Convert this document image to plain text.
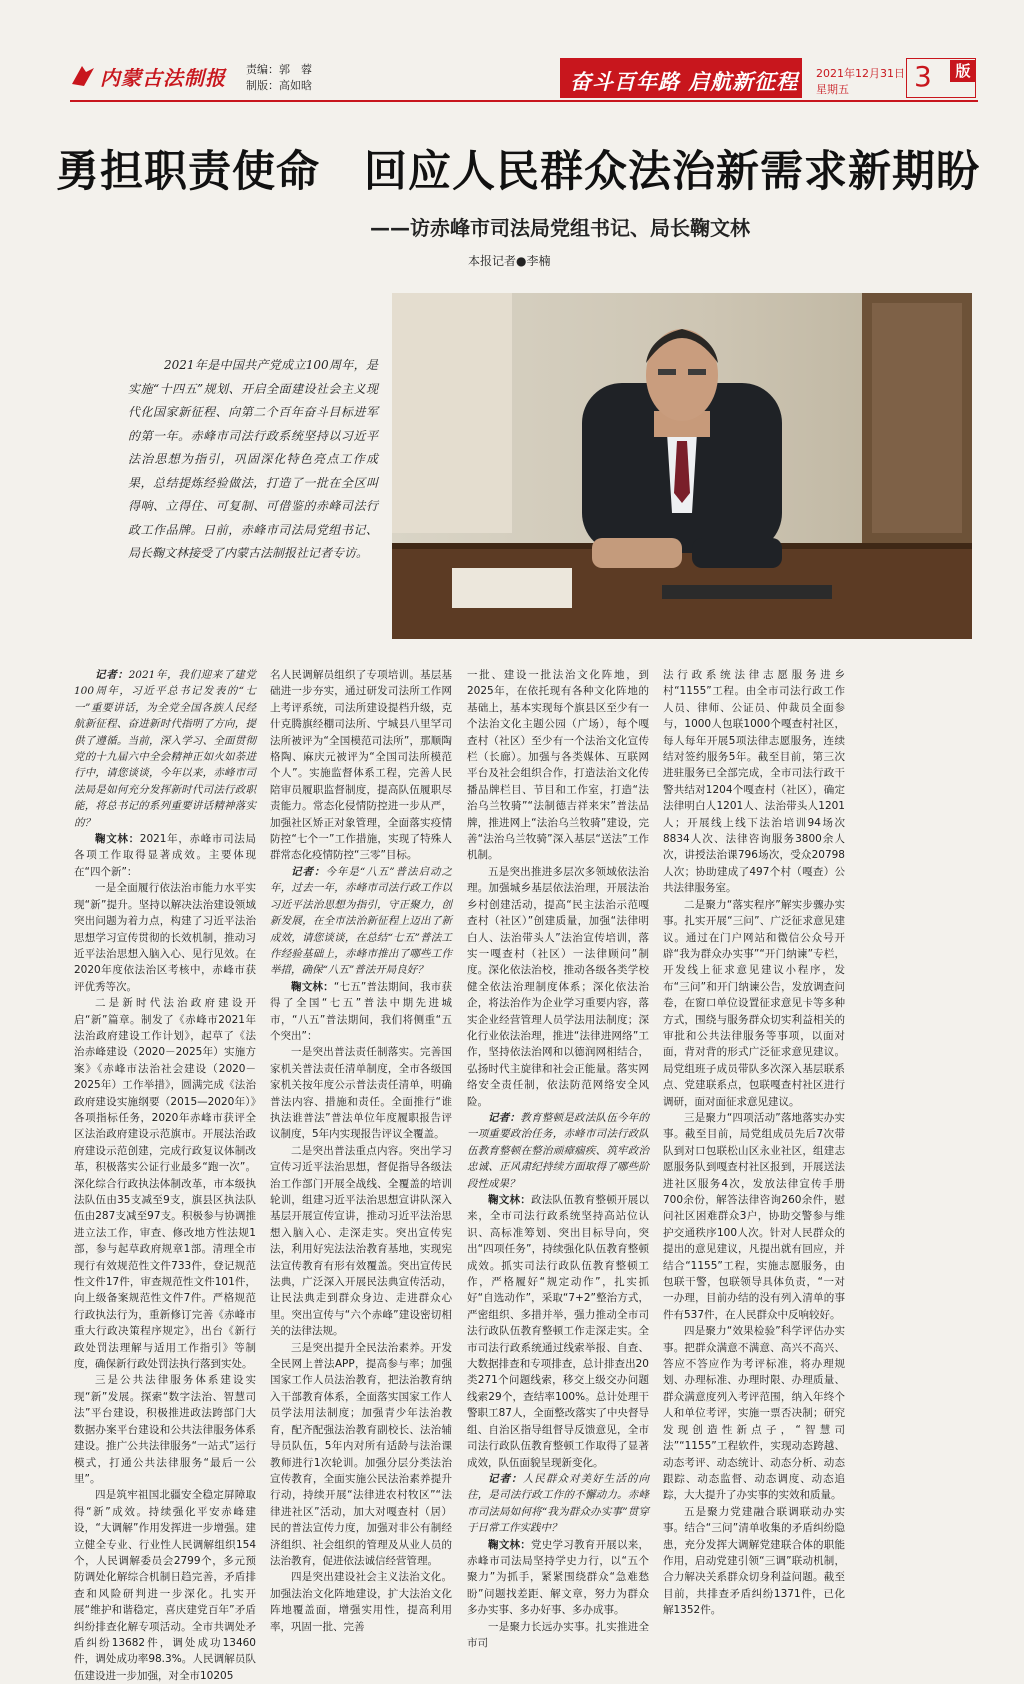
内蒙古法制报 责编：郭　蓉
制版：高如晗	奋斗百年路 启航新征程 2021年12月31日
星期五	3	版
勇担职责使命　回应人民群众法治新需求新期盼
——访赤峰市司法局党组书记、局长鞠文林
本报记者●李楠
2021年是中国共产党成立100周年，是实施“十四五”规划、开启全面建设社会主义现代化国家新征程、向第二个百年奋斗目标进军的第一年。赤峰市司法行政系统坚持以习近平法治思想为指引，巩固深化特色亮点工作成果，总结提炼经验做法，打造了一批在全区叫得响、立得住、可复制、可借鉴的赤峰司法行政工作品牌。日前，赤峰市司法局党组书记、局长鞠文林接受了内蒙古法制报社记者专访。

记者：2021年，我们迎来了建党100周年，习近平总书记发表的“七一”重要讲话，为全党全国各族人民经航新征程、奋进新时代指明了方向，提供了遵循。当前，深入学习、全面贯彻党的十九届六中全会精神正如火如荼进行中，请您谈谈，今年以来，赤峰市司法局是如何充分发挥新时代司法行政职能，将总书记的系列重要讲话精神落实的？

鞠文林：2021年，赤峰市司法局各项工作取得显著成效。主要体现在“四个新”：

一是全面履行依法治市能力水平实现“新”提升。坚持以解决法治建设领域突出问题为着力点，构建了习近平法治思想学习宣传贯彻的长效机制，推动习近平法治思想入脑入心、见行见效。在2020年度依法治区考核中，赤峰市获评优秀等次。

二是新时代法治政府建设开启“新”篇章。制发了《赤峰市2021年法治政府建设工作计划》，起草了《法治赤峰建设（2020－2025年）实施方案》《赤峰市法治社会建设（2020－2025年）工作举措》，圆满完成《法治政府建设实施纲要（2015—2020年）》各项指标任务，2020年赤峰市获评全区法治政府建设示范旗市。开展法治政府建设示范创建，完成行政复议体制改革，积极落实公证行业最多“跑一次”。深化综合行政执法体制改革，市本级执法队伍由35支减至9支，旗县区执法队伍由287支减至97支。积极参与协调推进立法工作，审查、修改地方性法规1部，参与起草政府规章1部。清理全市现行有效规范性文件733件，登记规范性文件17件，审查规范性文件101件，向上级备案规范性文件7件。严格规范行政执法行为，重新修订完善《赤峰市重大行政决策程序规定》，出台《新行政处罚法理解与适用工作指引》等制度，确保新行政处罚法执行落到实处。

三是公共法律服务体系建设实现“新”发展。探索“数字法治、智慧司法”平台建设，积极推进政法跨部门大数据办案平台建设和公共法律服务体系建设。推广公共法律服务“一站式”运行模式，打通公共法律服务“最后一公里”。

四是筑牢祖国北疆安全稳定屏障取得“新”成效。持续强化平安赤峰建设，“大调解”作用发挥进一步增强。建立健全专业、行业性人民调解组织154个，人民调解委员会2799个，多元预防调处化解综合机制日趋完善，矛盾排查和风险研判进一步深化。扎实开展“维护和谐稳定，喜庆建党百年”矛盾纠纷排查化解专项活动。全市共调处矛盾纠纷13682件，调处成功13460件，调处成功率98.3%。人民调解员队伍建设进一步加强，对全市10205

名人民调解员组织了专项培训。基层基础进一步夯实，通过研发司法所工作网上考评系统，司法所建设提档升级，克什克腾旗经棚司法所、宁城县八里罕司法所被评为“全国模范司法所”，那顺陶格陶、麻庆元被评为“全国司法所模范个人”。实施监督体系工程，完善人民陪审员履职监督制度，提高队伍履职尽责能力。常态化侵情防控进一步从严，加强社区矫正对象管理，全面落实疫情防控“七个一”工作措施，实现了特殊人群常态化疫情防控“三零”目标。

记者：今年是“八五”普法启动之年，过去一年，赤峰市司法行政工作以习近平法治思想为指引，守正聚力，创新发展，在全市法治新征程上迈出了新成效，请您谈谈，在总结“七五”普法工作经验基础上，赤峰市推出了哪些工作举措，确保“八五”普法开局良好？

鞠文林：“七五”普法期间，我市获得了全国“七五”普法中期先进城市，“八五”普法期间，我们将侧重“五个突出”：

一是突出普法责任制落实。完善国家机关普法责任清单制度，全市各级国家机关按年度公示普法责任清单，明确普法内容、措施和责任。全面推行“谁执法谁普法”普法单位年度履职报告评议制度，5年内实现报告评议全覆盖。

二是突出普法重点内容。突出学习宣传习近平法治思想，督促指导各级法治工作部门开展全战线、全覆盖的培训轮训，组建习近平法治思想宣讲队深入基层开展宣传宣讲，推动习近平法治思想入脑入心、走深走实。突出宣传宪法，利用好宪法法治教育基地，实现宪法宣传教育有形有效覆盖。突出宣传民法典，广泛深入开展民法典宣传活动，让民法典走到群众身边、走进群众心里。突出宣传与“六个赤峰”建设密切相关的法律法规。

三是突出提升全民法治素养。开发全民网上普法APP，提高参与率；加强国家工作人员法治教育，把法治教育纳入干部教育体系，全面落实国家工作人员学法用法制度；加强青少年法治教育，配齐配强法治教育副校长、法治辅导员队伍，5年内对所有适龄与法治课教师进行1次轮训。加强分层分类法治宣传教育，全面实施公民法治素养提升行动，持续开展“法律进农村牧区”“法律进社区”活动，加大对嘎查村（居）民的普法宣传力度，加强对非公有制经济组织、社会组织的管理及从业人员的法治教育，促进依法诚信经营管理。

四是突出建设社会主义法治文化。加强法治文化阵地建设，扩大法治文化阵地覆盖面，增强实用性，提高利用率，巩固一批、完善

一批、建设一批法治文化阵地，到2025年，在依托现有各种文化阵地的基础上，基本实现每个旗县区至少有一个法治文化主题公园（广场），每个嘎查村（社区）至少有一个法治文化宣传栏（长廊）。加强与各类媒体、互联网平台及社会组织合作，打造法治文化传播品牌栏目、节目和工作室，打造“法治乌兰牧骑”“法制德吉祥来宋”普法品牌，推进网上“法治乌兰牧骑”建设，完善“法治乌兰牧骑”深入基层“送法”工作机制。

五是突出推进多层次多领域依法治理。加强城乡基层依法治理，开展法治乡村创建活动，提高“民主法治示范嘎查村（社区）”创建质量，加强“法律明白人、法治带头人”法治宣传培训，落实一嘎查村（社区）一法律顾问”制度。深化依法治校，推动各级各类学校健全依法治理制度体系；深化依法治企，将法治作为企业学习重要内容，落实企业经营管理人员学法用法制度；深化行业依法治理，推进“法律进网络”工作，坚持依法治网和以德润网相结合，弘扬时代主旋律和社会正能量。落实网络安全责任制，依法防范网络安全风险。

记者：教育整顿是政法队伍今年的一项重要政治任务，赤峰市司法行政队伍教育整顿在整治顽瘴痼疾、筑牢政治忠诚、正风肃纪持续方面取得了哪些阶段性成果？

鞠文林：政法队伍教育整顿开展以来，全市司法行政系统坚持高站位认识、高标准筹划、突出目标导向，突出“四项任务”，持续强化队伍教育整顿成效。抓实司法行政队伍教育整顿工作，严格履好“规定动作”，扎实抓好“自选动作”，采取“7+2”整治方式，严密组织、多措并举，强力推动全市司法行政队伍教育整顿工作走深走实。全市司法行政系统通过线索举报、自查、大数据排查和专项排查，总计排查出20类271个问题线索，移交上级交办问题线索29个，查结率100%。总计处理干警职工87人，全面整改落实了中央督导组、自治区指导组督导反馈意见，全市司法行政队伍教育整顿工作取得了显著成效，队伍面貌呈现新变化。

记者：人民群众对美好生活的向往，是司法行政工作的不懈动力。赤峰市司法局如何将“我为群众办实事”贯穿于日常工作实践中？

鞠文林：党史学习教育开展以来，赤峰市司法局坚持学史力行，以“五个聚力”为抓手，紧紧围绕群众“急难愁盼”问题找差距、解文章，努力为群众多办实事、多办好事、多办成事。

一是聚力长远办实事。扎实推进全市司

法行政系统法律志愿服务进乡村“1155”工程。由全市司法行政工作人员、律师、公证员、仲裁员全面参与，1000人包联1000个嘎查村社区，每人每年开展5项法律志愿服务，连续结对签约服务5年。截至目前，第三次进驻服务已全部完成，全市司法行政干警共结对1204个嘎查村（社区），确定法律明白人1201人、法治带头人1201人；开展线上线下法治培训94场次8834人次、法律咨询服务3800余人次，讲授法治课796场次，受众20798人次；协助建成了497个村（嘎查）公共法律服务室。

二是聚力“落实程序”解实步骤办实事。扎实开展“三问”、广泛征求意见建议。通过在门户网站和微信公众号开辟“我为群众办实事”“开门纳谏”专栏，开发线上征求意见建议小程序，发布“三问”和开门纳谏公告，发放调查问卷，在窗口单位设置征求意见卡等多种方式，围绕与服务群众切实利益相关的审批和公共法律服务等事项，以面对面，背对背的形式广泛征求意见建议。局党组班子成员带队多次深入基层联系点、党建联系点，包联嘎查村社区进行调研，面对面征求意见建议。

三是聚力“四项活动”落地落实办实事。截至目前，局党组成员先后7次带队到对口包联松山区永业社区，组建志愿服务队到嘎查村社区报到，开展送法进社区服务4次，发放法律宣传手册700余份，解答法律咨询260余件，慰问社区困难群众3户，协助交警参与维护交通秩序100人次。针对人民群众的提出的意见建议，凡提出就有回应，并结合“1155”工程，实施志愿服务，由包联干警，包联领导具体负责，“一对一办理，目前办结的没有列入清单的事件有537件，在人民群众中反响较好。

四是聚力“效果检验”科学评估办实事。把群众满意不满意、高兴不高兴、答应不答应作为考评标准，将办理规划、办理标准、办理时限、办理质量、群众满意度列入考评范围，纳入年终个人和单位考评，实施一票否决制；研究发现创造性新点子，“智慧司法”“1155”工程软件，实现动态跨越、动态考评、动态统计、动态分析、动态跟踪、动态监督、动态调度、动态追踪，大大提升了办实事的实效和质量。

五是聚力党建融合联调联动办实事。结合“三问”清单收集的矛盾纠纷隐患，充分发挥大调解党建联合体的职能作用，启动党建引领“三调”联动机制，合力解决关系群众切身利益问题。截至目前，共排查矛盾纠纷1371件，已化解1352件。
